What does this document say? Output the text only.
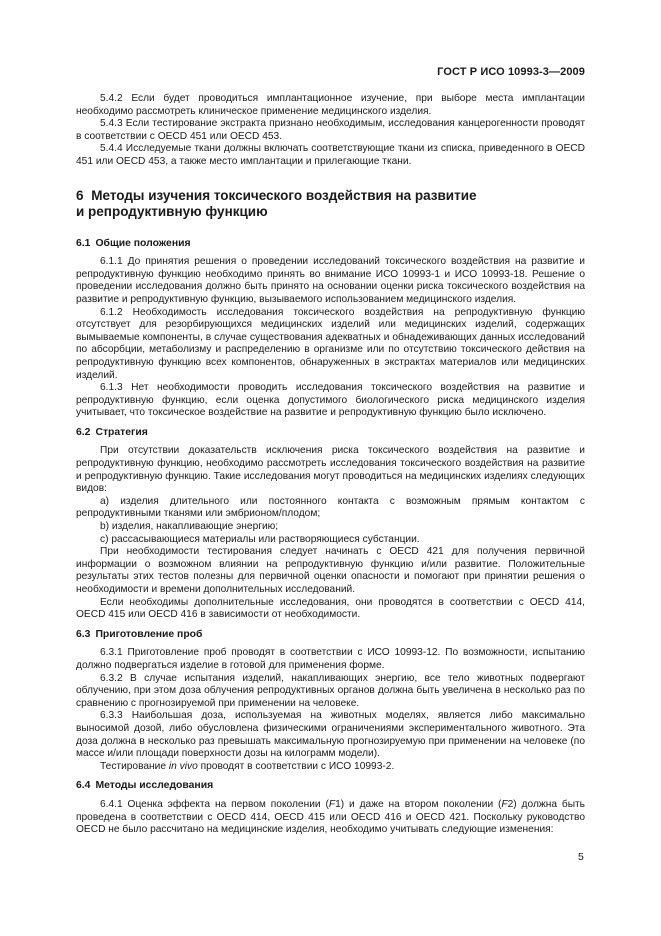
ГОСТ Р ИСО 10993-3—2009

5.4.2 Если будет проводиться имплантационное изучение, при выборе места имплантации необходимо рассмотреть клиническое применение медицинского изделия.

5.4.3 Если тестирование экстракта признано необходимым, исследования канцерогенности проводят в соответствии с OECD 451 или OECD 453.

5.4.4 Исследуемые ткани должны включать соответствующие ткани из списка, приведенного в OECD 451 или OECD 453, а также место имплантации и прилегающие ткани.

6 Методы изучения токсического воздействия на развитие
и репродуктивную функцию
6.1 Общие положения

6.1.1 До принятия решения о проведении исследований токсического воздействия на развитие и репродуктивную функцию необходимо принять во внимание ИСО 10993-1 и ИСО 10993-18. Решение о проведении исследования должно быть принято на основании оценки риска токсического воздействия на развитие и репродуктивную функцию, вызываемого использованием медицинского изделия.

6.1.2 Необходимость исследования токсического воздействия на репродуктивную функцию отсутствует для резорбирующихся медицинских изделий или медицинских изделий, содержащих вымываемые компоненты, в случае существования адекватных и обнадеживающих данных исследований по абсорбции, метаболизму и распределению в организме или по отсутствию токсического действия на репродуктивную функцию всех компонентов, обнаруженных в экстрактах материалов или медицинских изделий.

6.1.3 Нет необходимости проводить исследования токсического воздействия на развитие и репродуктивную функцию, если оценка допустимого биологического риска медицинского изделия учитывает, что токсическое воздействие на развитие и репродуктивную функцию было исключено.

6.2 Стратегия

При отсутствии доказательств исключения риска токсического воздействия на развитие и репродуктивную функцию, необходимо рассмотреть исследования токсического воздействия на развитие и репродуктивную функцию. Такие исследования могут проводиться на медицинских изделиях следующих видов:

a) изделия длительного или постоянного контакта с возможным прямым контактом с репродуктивными тканями или эмбрионом/плодом;

b) изделия, накапливающие энергию;

c) рассасывающиеся материалы или растворяющиеся субстанции.

При необходимости тестирования следует начинать с OECD 421 для получения первичной информации о возможном влиянии на репродуктивную функцию и/или развитие. Положительные результаты этих тестов полезны для первичной оценки опасности и помогают при принятии решения о необходимости и времени дополнительных исследований.

Если необходимы дополнительные исследования, они проводятся в соответствии с OECD 414, OECD 415 или OECD 416 в зависимости от необходимости.

6.3 Приготовление проб

6.3.1 Приготовление проб проводят в соответствии с ИСО 10993-12. По возможности, испытанию должно подвергаться изделие в готовой для применения форме.

6.3.2 В случае испытания изделий, накапливающих энергию, все тело животных подвергают облучению, при этом доза облучения репродуктивных органов должна быть увеличена в несколько раз по сравнению с прогнозируемой при применении на человеке.

6.3.3 Наибольшая доза, используемая на животных моделях, является либо максимально выносимой дозой, либо обусловлена физическими ограничениями экспериментального животного. Эта доза должна в несколько раз превышать максимальную прогнозируемую при применении на человеке (по массе и/или площади поверхности дозы на килограмм модели).

Тестирование in vivo проводят в соответствии с ИСО 10993-2.

6.4 Методы исследования

6.4.1 Оценка эффекта на первом поколении (F1) и даже на втором поколении (F2) должна быть проведена в соответствии с OECD 414, OECD 415 или OECD 416 и OECD 421. Поскольку руководство OECD не было рассчитано на медицинские изделия, необходимо учитывать следующие изменения:

5
